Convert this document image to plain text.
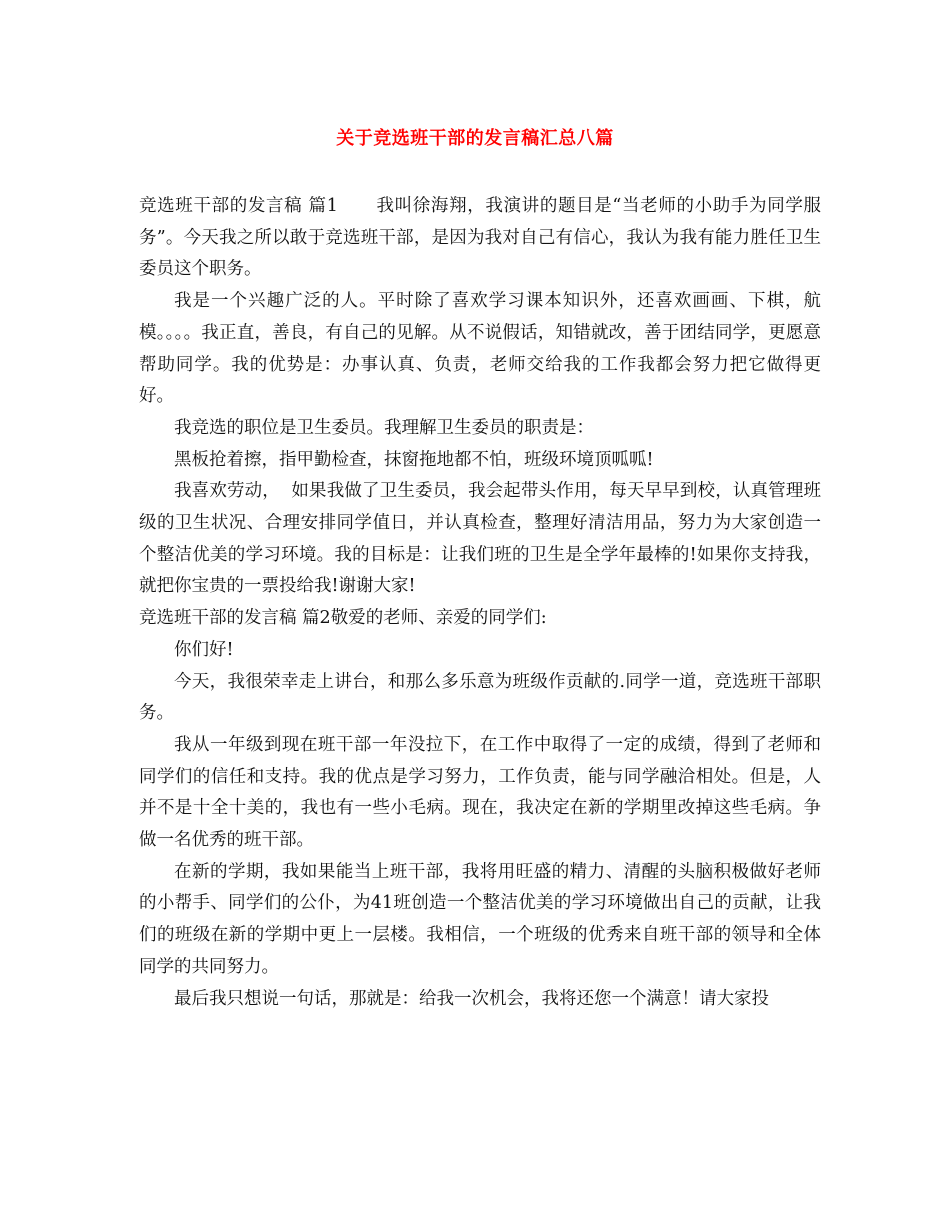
关于竞选班干部的发言稿汇总八篇

竞选班干部的发言稿 篇1 我叫徐海翔，我演讲的题目是“当老师的小助手为同学服务”。今天我之所以敢于竞选班干部，是因为我对自己有信心，我认为我有能力胜任卫生委员这个职务。

我是一个兴趣广泛的人。平时除了喜欢学习课本知识外，还喜欢画画、下棋，航模。。。。我正直，善良，有自己的见解。从不说假话，知错就改，善于团结同学，更愿意帮助同学。我的优势是：办事认真、负责，老师交给我的工作我都会努力把它做得更好。

我竞选的职位是卫生委员。我理解卫生委员的职责是：

黑板抢着擦，指甲勤检查，抹窗拖地都不怕，班级环境顶呱呱!

我喜欢劳动，  如果我做了卫生委员，我会起带头作用，每天早早到校，认真管理班级的卫生状况、合理安排同学值日，并认真检查，整理好清洁用品，努力为大家创造一个整洁优美的学习环境。我的目标是：让我们班的卫生是全学年最棒的!如果你支持我，就把你宝贵的一票投给我!谢谢大家!

竞选班干部的发言稿 篇2敬爱的老师、亲爱的同学们:

你们好!

今天，我很荣幸走上讲台，和那么多乐意为班级作贡献的.同学一道，竞选班干部职务。

我从一年级到现在班干部一年没拉下，在工作中取得了一定的成绩，得到了老师和同学们的信任和支持。我的优点是学习努力，工作负责，能与同学融洽相处。但是，人并不是十全十美的，我也有一些小毛病。现在，我决定在新的学期里改掉这些毛病。争做一名优秀的班干部。

在新的学期，我如果能当上班干部，我将用旺盛的精力、清醒的头脑积极做好老师的小帮手、同学们的公仆，为41班创造一个整洁优美的学习环境做出自己的贡献，让我们的班级在新的学期中更上一层楼。我相信，一个班级的优秀来自班干部的领导和全体同学的共同努力。

最后我只想说一句话，那就是：给我一次机会，我将还您一个满意！请大家投
